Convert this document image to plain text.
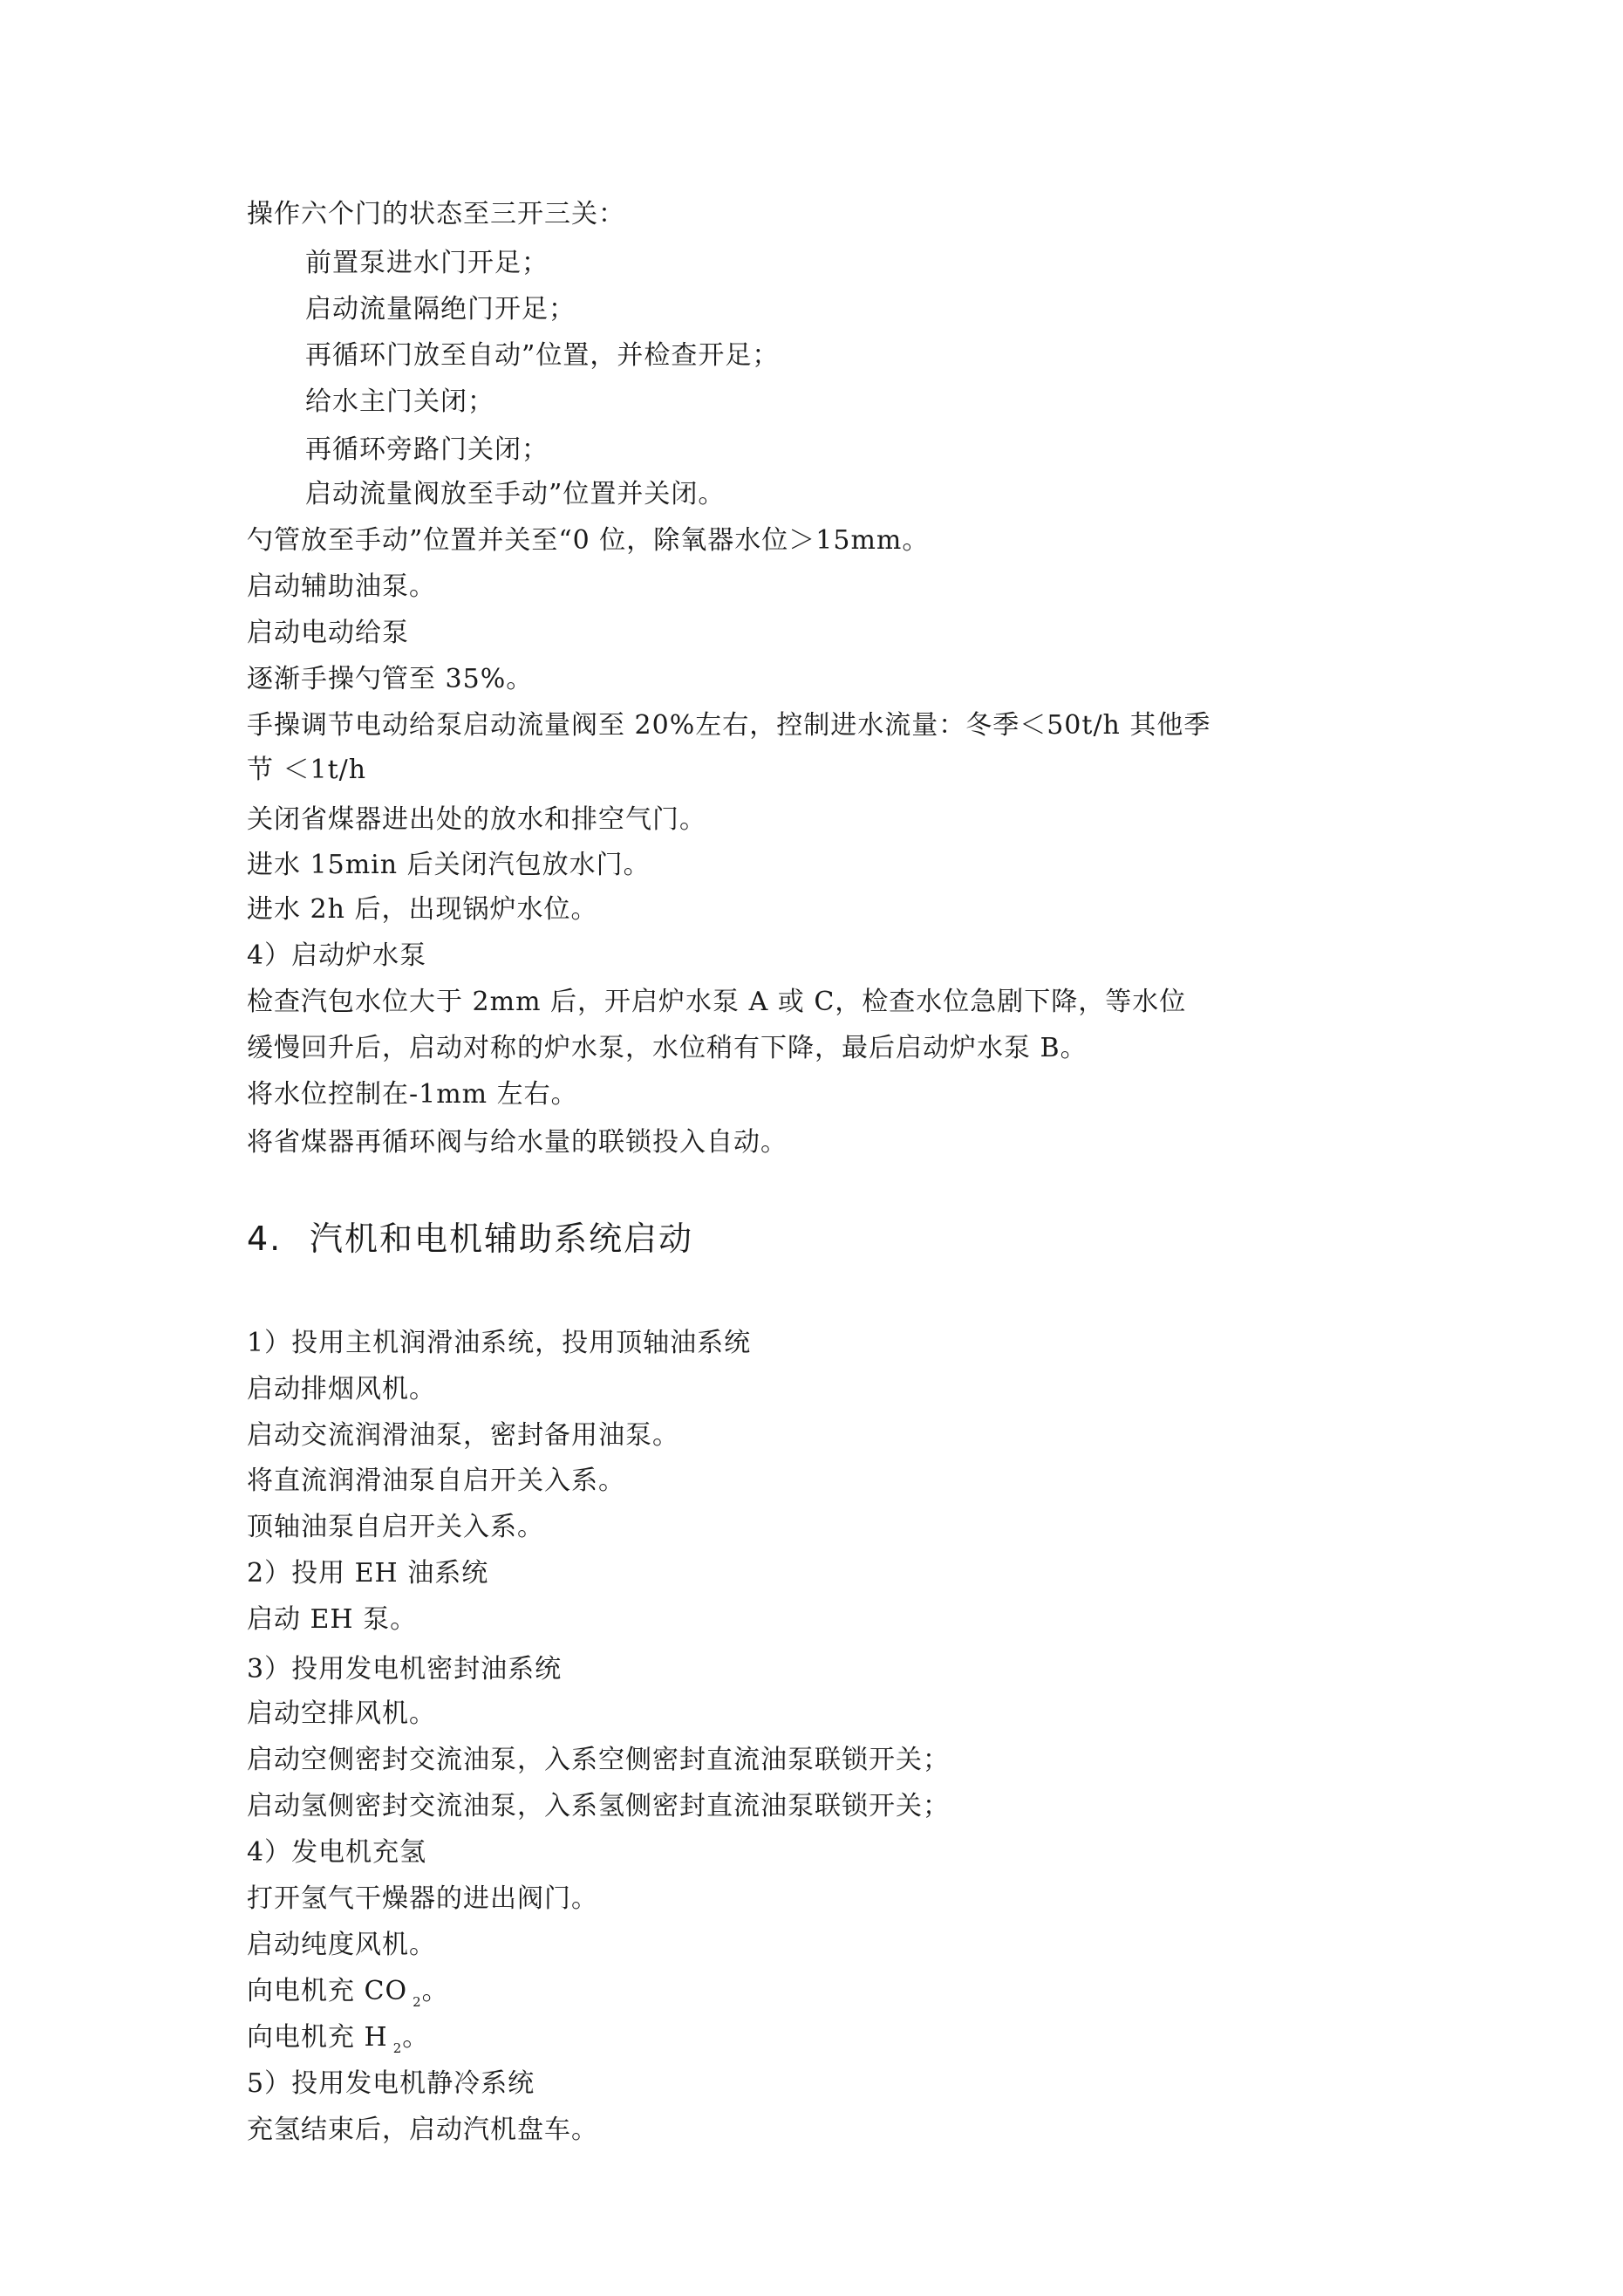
操作六个门的状态至三开三关：
前置泵进水门开足；
启动流量隔绝门开足；
再循环门放至自动”位置，并检查开足；
给水主门关闭；
再循环旁路门关闭；
启动流量阀放至手动”位置并关闭。
勺管放至手动”位置并关至“0 位，除氧器水位＞15mm。
启动辅助油泵。
启动电动给泵
逐渐手操勺管至 35%。
手操调节电动给泵启动流量阀至 20%左右，控制进水流量：冬季＜50t/h 其他季
节 ＜1t/h
关闭省煤器进出处的放水和排空气门。
进水 15min 后关闭汽包放水门。
进水 2h 后，出现锅炉水位。
4）启动炉水泵
检查汽包水位大于 2mm 后，开启炉水泵 A 或 C，检查水位急剧下降，等水位
缓慢回升后，启动对称的炉水泵，水位稍有下降，最后启动炉水泵 B。
将水位控制在-1mm 左右。
将省煤器再循环阀与给水量的联锁投入自动。
4. 汽机和电机辅助系统启动
1）投用主机润滑油系统，投用顶轴油系统
启动排烟风机。
启动交流润滑油泵，密封备用油泵。
将直流润滑油泵自启开关入系。
顶轴油泵自启开关入系。
2）投用 EH 油系统
启动 EH 泵。
3）投用发电机密封油系统
启动空排风机。
启动空侧密封交流油泵，入系空侧密封直流油泵联锁开关；
启动氢侧密封交流油泵，入系氢侧密封直流油泵联锁开关；
4）发电机充氢
打开氢气干燥器的进出阀门。
启动纯度风机。
向电机充 CO $_2$。
向电机充 H $_2$。
5）投用发电机静冷系统
充氢结束后，启动汽机盘车。
